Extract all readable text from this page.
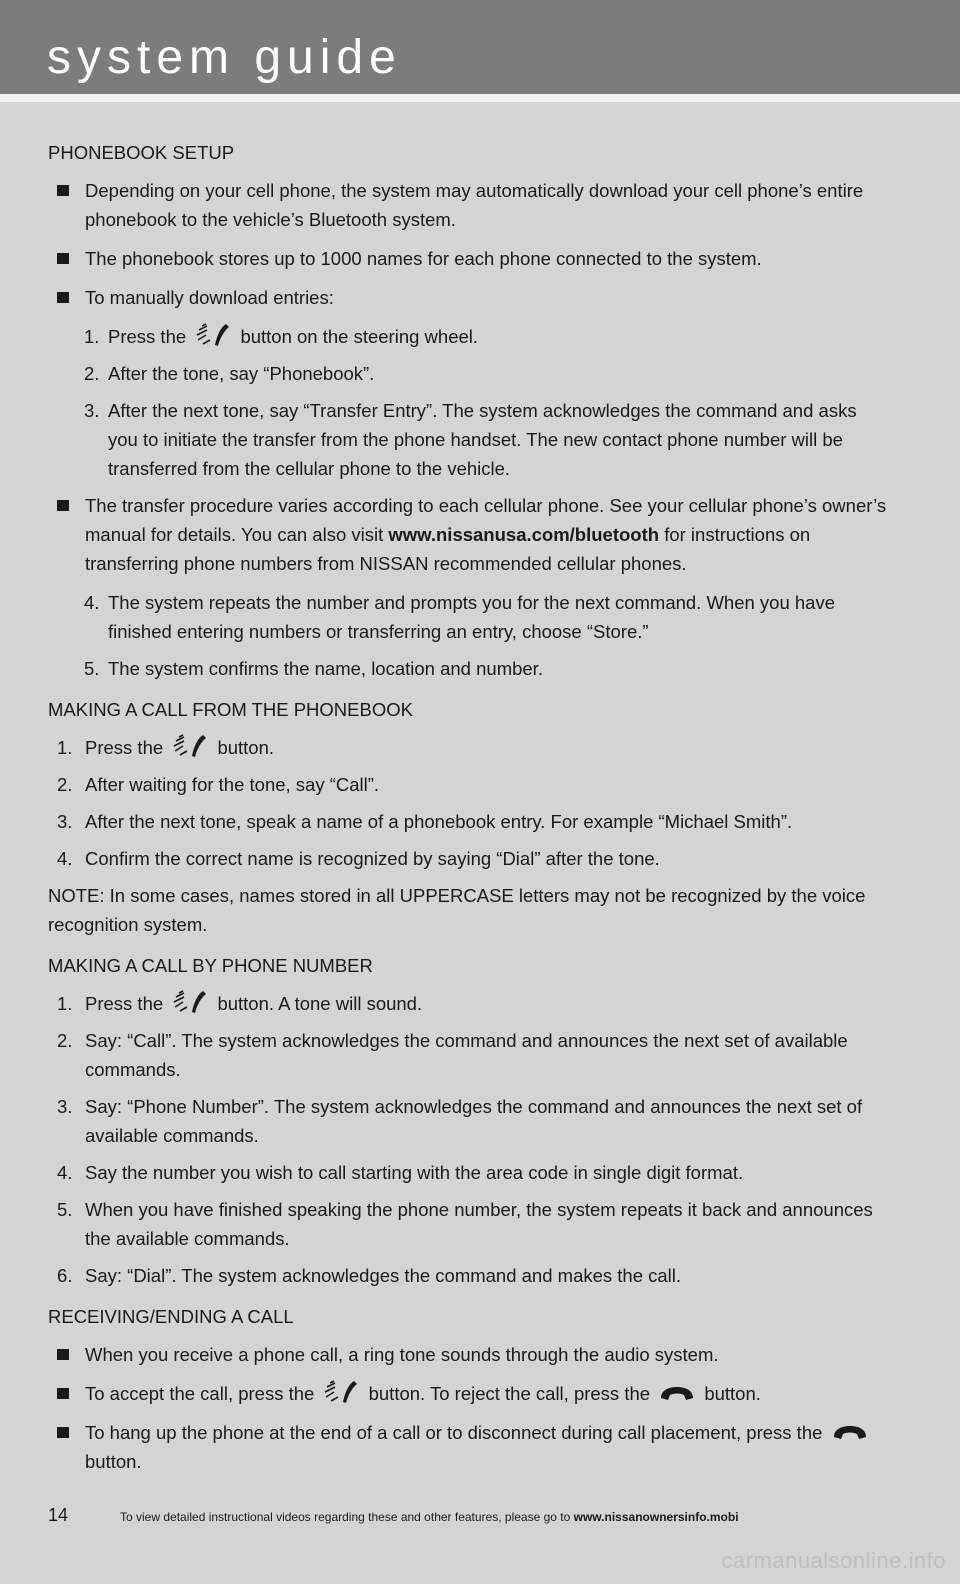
system guide
PHONEBOOK SETUP
Depending on your cell phone, the system may automatically download your cell phone’s entire phonebook to the vehicle’s Bluetooth system.
The phonebook stores up to 1000 names for each phone connected to the system.
To manually download entries:
1. Press the	button on the steering wheel.
2. After the tone, say “Phonebook”.
3. After the next tone, say “Transfer Entry”. The system acknowledges the command and asks you to initiate the transfer from the phone handset. The new contact phone number will be transferred from the cellular phone to the vehicle.
The transfer procedure varies according to each cellular phone. See your cellular phone’s owner’s manual for details. You can also visit www.nissanusa.com/bluetooth for instructions on transferring phone numbers from NISSAN recommended cellular phones.
4. The system repeats the number and prompts you for the next command. When you have finished entering numbers or transferring an entry, choose “Store.”
5. The system confirms the name, location and number.
MAKING A CALL FROM THE PHONEBOOK
1. Press the	button.
2. After waiting for the tone, say “Call”.
3. After the next tone, speak a name of a phonebook entry. For example “Michael Smith”.
4. Confirm the correct name is recognized by saying “Dial” after the tone.
NOTE: In some cases, names stored in all UPPERCASE letters may not be recognized by the voice recognition system.
MAKING A CALL BY PHONE NUMBER
1. Press the	button. A tone will sound.
2. Say: “Call”. The system acknowledges the command and announces the next set of available commands.
3. Say: “Phone Number”. The system acknowledges the command and announces the next set of available commands.
4. Say the number you wish to call starting with the area code in single digit format.
5. When you have finished speaking the phone number, the system repeats it back and announces the available commands.
6. Say: “Dial”. The system acknowledges the command and makes the call.
RECEIVING/ENDING A CALL
When you receive a phone call, a ring tone sounds through the audio system.
To accept the call, press the	button. To reject the call, press the	button.
To hang up the phone at the end of a call or to disconnect during call placement, press the  button.
14	To view detailed instructional videos regarding these and other features, please go to www.nissanownersinfo.mobi
carmanualsonline.info
